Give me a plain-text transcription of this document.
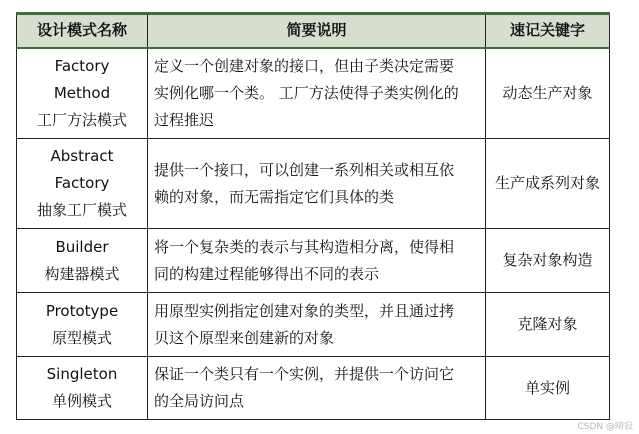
设计模式名称	简要说明	速记关键字

Factory
Method
工厂方法模式	定义一个创建对象的接口，但由子类决定需要
实例化哪一个类。 工厂方法使得子类实例化的
过程推迟	动态生产对象

Abstract
Factory
抽象工厂模式	提供一个接口，可以创建一系列相关或相互依
赖的对象，而无需指定它们具体的类	生产成系列对象

Builder
构建器模式	将一个复杂类的表示与其构造相分离，使得相
同的构建过程能够得出不同的表示	复杂对象构造

Prototype
原型模式	用原型实例指定创建对象的类型，并且通过拷
贝这个原型来创建新的对象	克隆对象

Singleton
单例模式	保证一个类只有一个实例，并提供一个访问它
的全局访问点	单实例
CSDN @晴寂
